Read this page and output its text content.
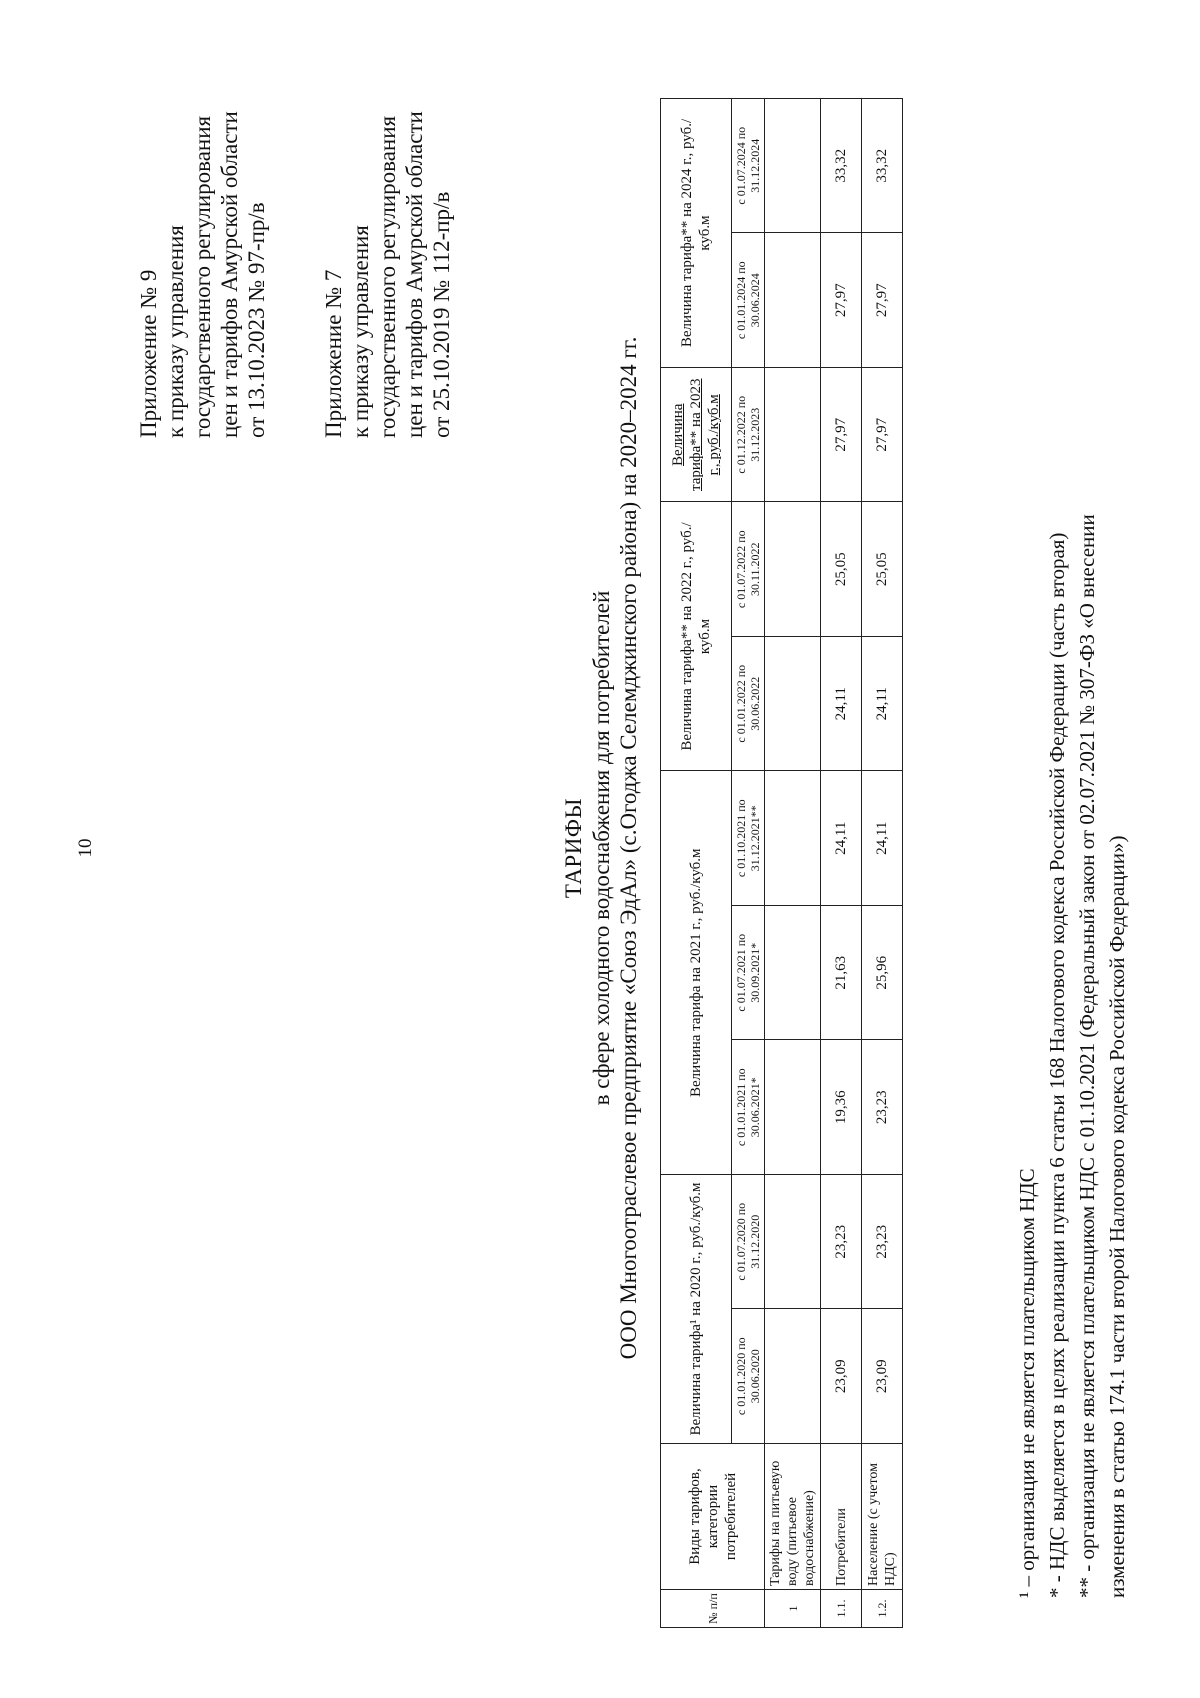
10
Приложение № 9 к приказу управления государственного регулирования цен и тарифов Амурской области от 13.10.2023 № 97-пр/в Приложение № 7 к приказу управления государственного регулирования цен и тарифов Амурской области от 25.10.2019 № 112-пр/в
ТАРИФЫ в сфере холодного водоснабжения для потребителей ООО Многоотраслевое предприятие «Союз ЭдАл» (с.Огоджа Селемджинского района) на 2020–2024 гг.
№ п/п	Виды тарифов, категории потребителей	Величина тарифа¹ на 2020 г., руб./куб.м		Величина тарифа на 2021 г., руб./куб.м			Величина тарифа** на 2022 г., руб./куб.м		Величина тарифа** на 2023 г., руб./куб.м	Величина тарифа** на 2024 г., руб./куб.м	
		с 01.01.2020 по 30.06.2020	с 01.07.2020 по 31.12.2020	с 01.01.2021 по 30.06.2021*	с 01.07.2021 по 30.09.2021*	с 01.10.2021 по 31.12.2021**	с 01.01.2022 по 30.06.2022	с 01.07.2022 по 30.11.2022	с 01.12.2022 по 31.12.2023	с 01.01.2024 по 30.06.2024	с 01.07.2024 по 31.12.2024
1	Тарифы на питьевую воду (питьевое водоснабжение)										
1.1.	Потребители	23,09	23,23	19,36	21,63	24,11	24,11	25,05	27,97	27,97	33,32
1.2.	Население (с учетом НДС)	23,09	23,23	23,23	25,96	24,11	24,11	25,05	27,97	27,97	33,32
¹ – организация не является плательщиком НДС * - НДС выделяется в целях реализации пункта 6 статьи 168 Налогового кодекса Российской Федерации (часть вторая) ** - организация не является плательщиком НДС с 01.10.2021 (Федеральный закон от 02.07.2021 № 307-ФЗ «О внесении изменения в статью 174.1 части второй Налогового кодекса Российской Федерации»)
